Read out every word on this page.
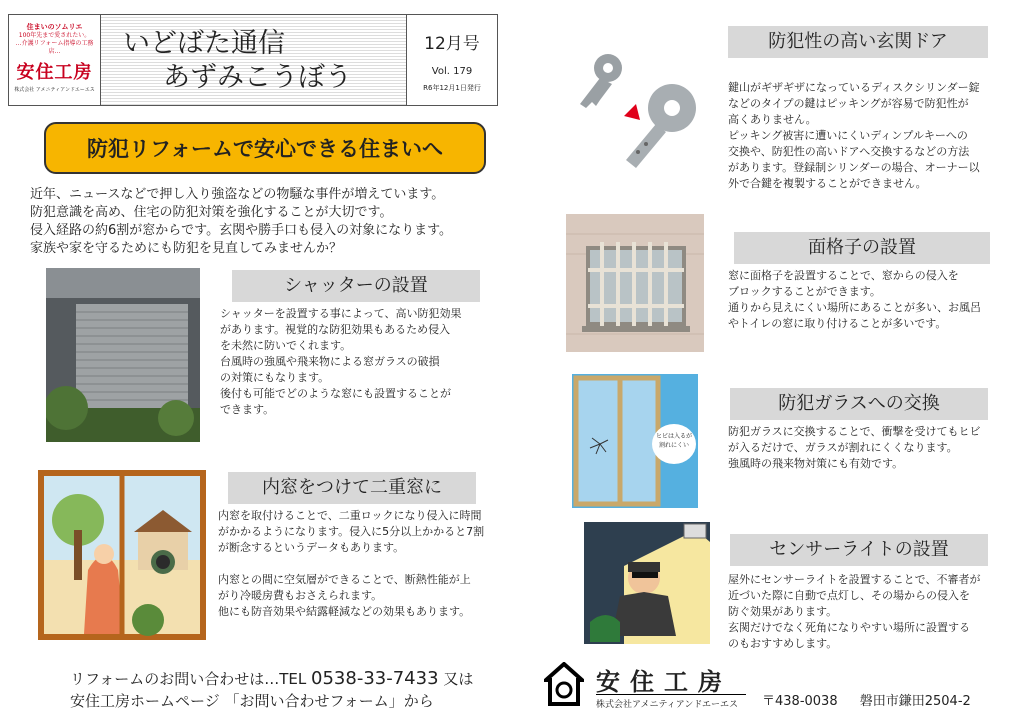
住まいのソムリエ
100年先まで愛されたい。
…介護リフォーム指導の工務店…
安住工房
株式会社 アメニティアンドエーエス
いどばた通信
あずみこうぼう
12月号
Vol. 179
R6年12月1日発行
防犯リフォームで安心できる住まいへ
近年、ニュースなどで押し入り強盗などの物騒な事件が増えています。
防犯意識を高め、住宅の防犯対策を強化することが大切です。
侵入経路の約6割が窓からです。玄関や勝手口も侵入の対象になります。
家族や家を守るためにも防犯を見直してみませんか？
シャッターの設置
シャッターを設置する事によって、高い防犯効果
があります。視覚的な防犯効果もあるため侵入
を未然に防いでくれます。
台風時の強風や飛来物による窓ガラスの破損
の対策にもなります。
後付も可能でどのような窓にも設置することが
できます。
内窓をつけて二重窓に
内窓を取付けることで、二重ロックになり侵入に時間
がかかるようになります。侵入に5分以上かかると7割
が断念するというデータもあります。
内窓との間に空気層ができることで、断熱性能が上
がり冷暖房費もおさえられます。
他にも防音効果や結露軽減などの効果もあります。
防犯性の高い玄関ドア
鍵山がギザギザになっているディスクシリンダー錠
などのタイプの鍵はピッキングが容易で防犯性が
高くありません。
ピッキング被害に遭いにくいディンプルキーへの
交換や、防犯性の高いドアへ交換するなどの方法
があります。登録制シリンダーの場合、オーナー以
外で合鍵を複製することができません。
面格子の設置
窓に面格子を設置することで、窓からの侵入を
ブロックすることができます。
通りから見えにくい場所にあることが多い、お風呂
やトイレの窓に取り付けることが多いです。
ヒビは入るが
割れにくい
防犯ガラスへの交換
防犯ガラスに交換することで、衝撃を受けてもヒビ
が入るだけで、ガラスが割れにくくなります。
強風時の飛来物対策にも有効です。
センサーライトの設置
屋外にセンサーライトを設置することで、不審者が
近づいた際に自動で点灯し、その場からの侵入を
防ぐ効果があります。
玄関だけでなく死角になりやすい場所に設置する
のもおすすめします。
リフォームのお問い合わせは…TEL 0538-33-7433 又は
安住工房ホームページ 「お問い合わせフォーム」から
安住工房
株式会社アメニティアンドエーエス	〒438-0038 磐田市鎌田2504-2
